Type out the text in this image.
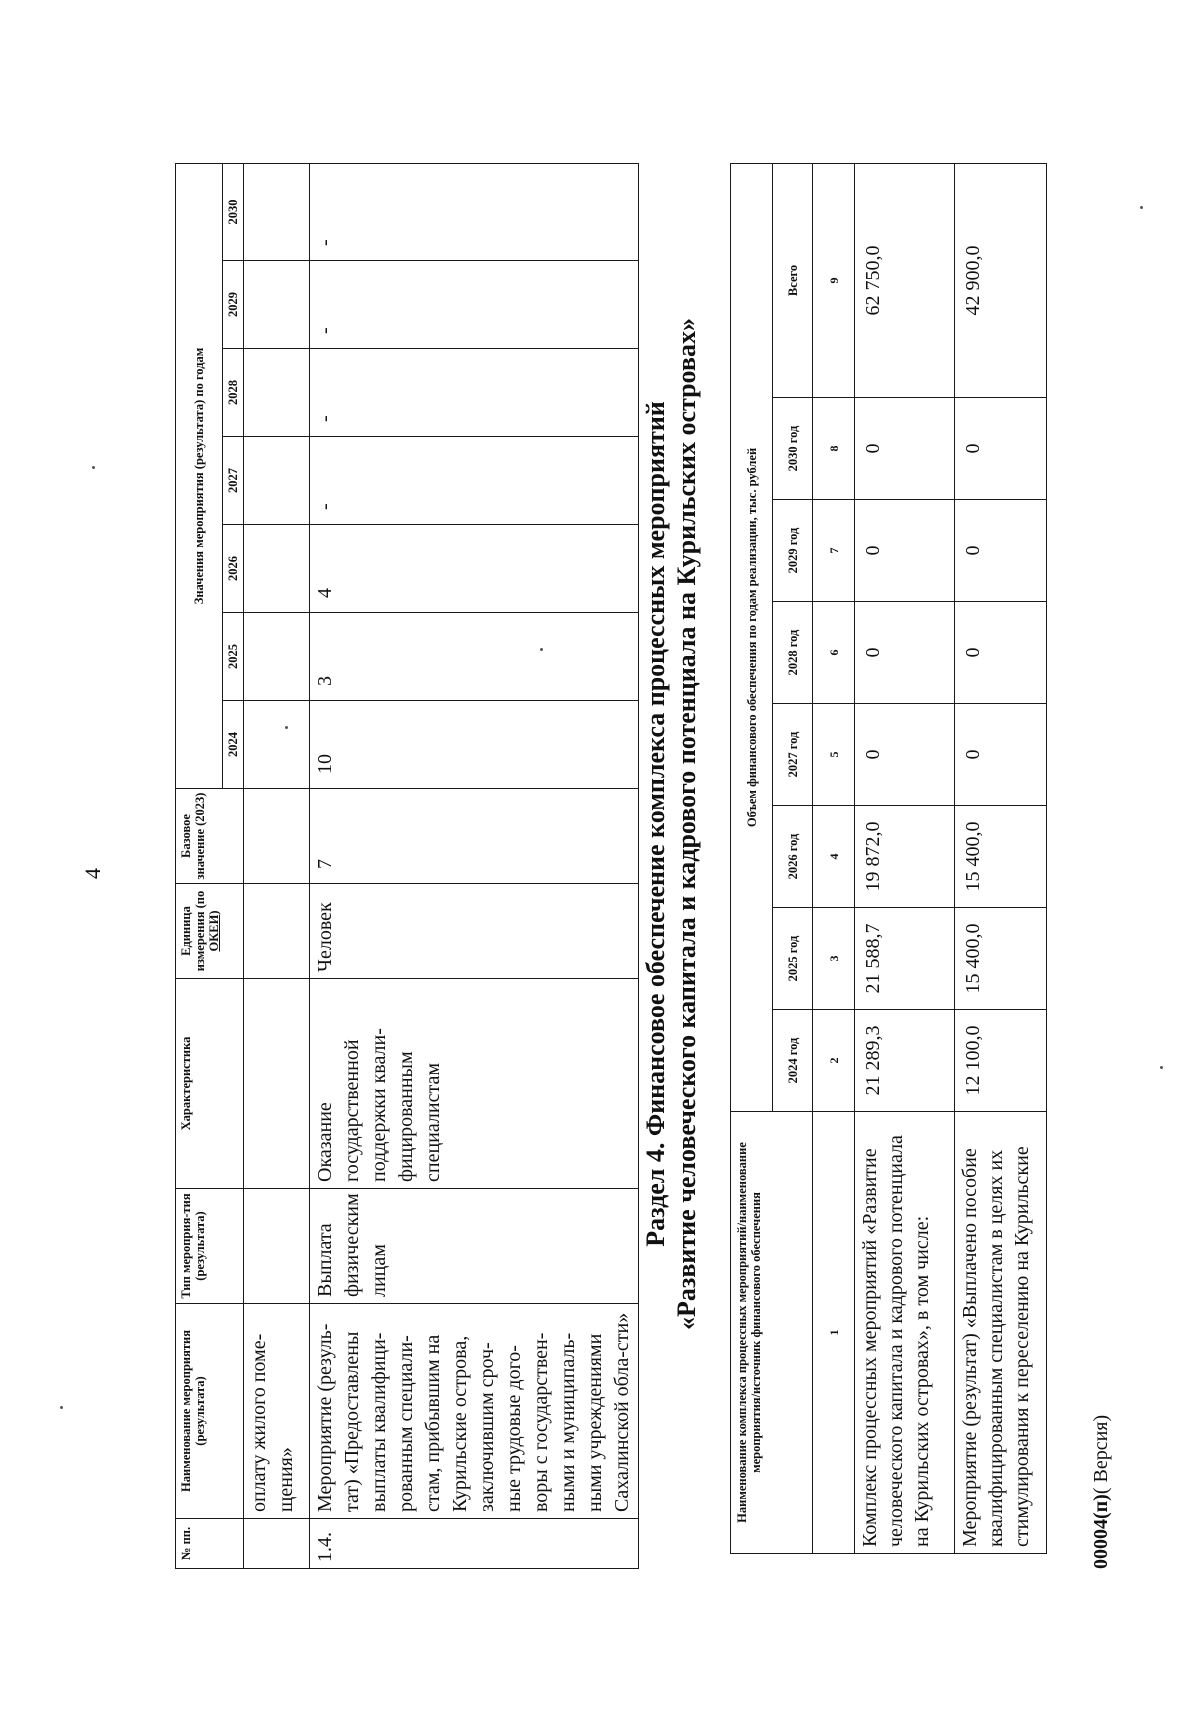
4
№ пп.	Наименование мероприятия (результата)	Тип мероприя-тия (результата)	Характеристика	Единица измерения (по ОКЕИ)	Базовое значение (2023)	Значения мероприятия (результата) по годам						
						2024	2025	2026	2027	2028	2029	2030
	оплату жилого поме-щения»											
1.4.	Мероприятие (резуль-тат) «Предоставлены выплаты квалифици-рованным специали-стам, прибывшим на Курильские острова, заключившим сроч-ные трудовые дого-воры с государствен-ными и муниципаль-ными учреждениями Сахалинской обла-сти»	Выплата физическим лицам	Оказание государственной поддержки квали-фицированным специалистам	Человек	7	10	3	4	-	-	-	-
Раздел 4. Финансовое обеспечение комплекса процессных мероприятий «Развитие человеческого капитала и кадрового потенциала на Курильских островах»
Наименование комплекса процессных мероприятий/наименование мероприятия/источник финансового обеспечения	Объем финансового обеспечения по годам реализации, тыс. рублей							
	2024 год	2025 год	2026 год	2027 год	2028 год	2029 год	2030 год	Всего
1	2	3	4	5	6	7	8	9
Комплекс процессных мероприятий «Развитие человеческого капитала и кадрового потенциала на Курильских островах», в том числе:	21 289,3	21 588,7	19 872,0	0	0	0	0	62 750,0
Мероприятие (результат) «Выплачено пособие квалифицированным специалистам в целях их стимулирования к переселению на Курильские	12 100,0	15 400,0	15 400,0	0	0	0	0	42 900,0
00004(п)( Версия)
